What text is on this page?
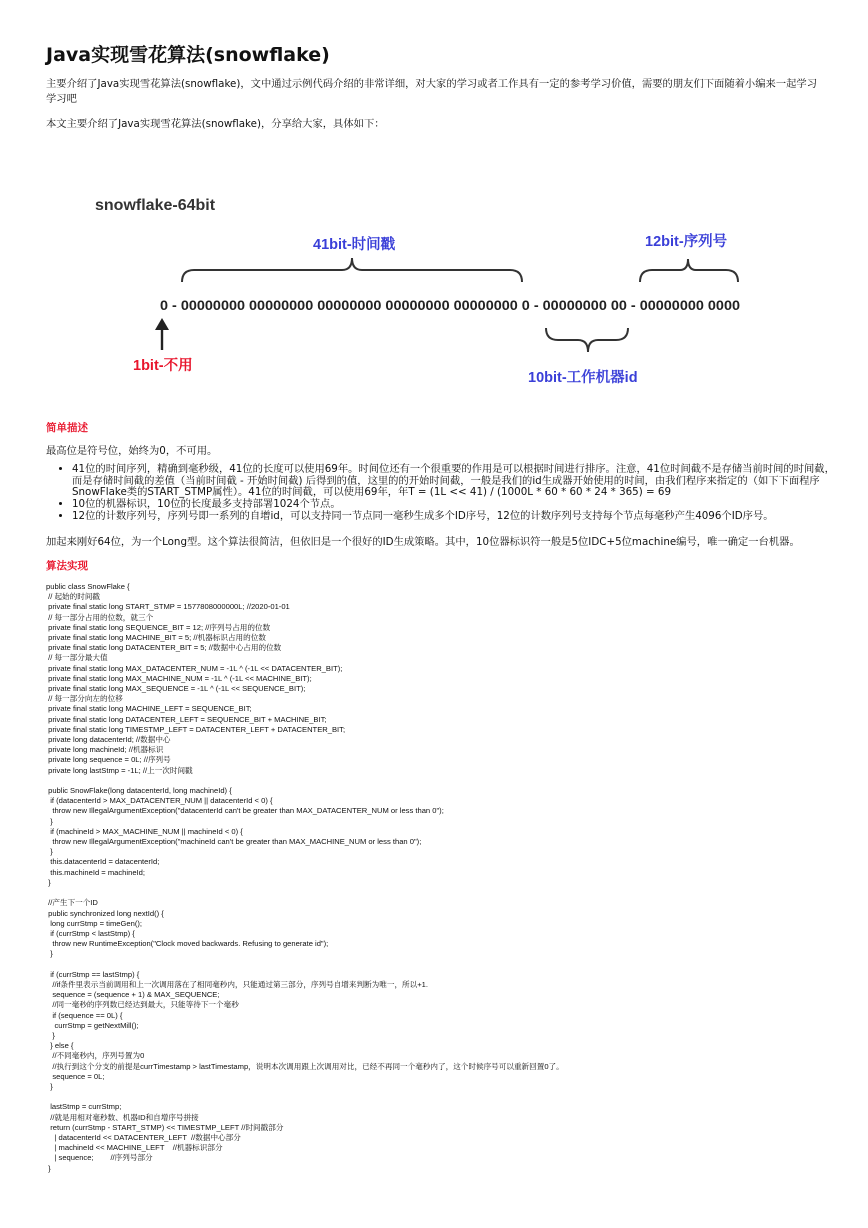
Java实现雪花算法(snowflake)

主要介绍了Java实现雪花算法(snowflake)，文中通过示例代码介绍的非常详细，对大家的学习或者工作具有一定的参考学习价值，需要的朋友们下面随着小编来一起学习学习吧

本文主要介绍了Java实现雪花算法(snowflake)，分享给大家，具体如下：

简单描述

最高位是符号位，始终为0，不可用。

• 41位的时间序列，精确到毫秒级，41位的长度可以使用69年。时间位还有一个很重要的作用是可以根据时间进行排序。注意，41位时间截不是存储当前时间的时间截，而是存储时间截的差值（当前时间截 - 开始时间截) 后得到的值，这里的的开始时间截，一般是我们的id生成器开始使用的时间，由我们程序来指定的（如下下面程序SnowFlake类的START_STMP属性）。41位的时间截，可以使用69年，年T = (1L << 41) / (1000L * 60 * 60 * 24 * 365) = 69
• 10位的机器标识，10位的长度最多支持部署1024个节点。
• 12位的计数序列号，序列号即一系列的自增id，可以支持同一节点同一毫秒生成多个ID序号，12位的计数序列号支持每个节点每毫秒产生4096个ID序号。

加起来刚好64位，为一个Long型。这个算法很简洁，但依旧是一个很好的ID生成策略。其中，10位器标识符一般是5位IDC+5位machine编号，唯一确定一台机器。

算法实现
public class SnowFlake {
// 起始的时间戳
private final static long START_STMP = 1577808000000L; //2020-01-01
// 每一部分占用的位数，就三个
private final static long SEQUENCE_BIT = 12; //序列号占用的位数
private final static long MACHINE_BIT = 5; //机器标识占用的位数
private final static long DATACENTER_BIT = 5; //数据中心占用的位数
// 每一部分最大值
private final static long MAX_DATACENTER_NUM = -1L ^ (-1L << DATACENTER_BIT);
private final static long MAX_MACHINE_NUM = -1L ^ (-1L << MACHINE_BIT);
private final static long MAX_SEQUENCE = -1L ^ (-1L << SEQUENCE_BIT);
// 每一部分向左的位移
private final static long MACHINE_LEFT = SEQUENCE_BIT;
private final static long DATACENTER_LEFT = SEQUENCE_BIT + MACHINE_BIT;
private final static long TIMESTMP_LEFT = DATACENTER_LEFT + DATACENTER_BIT;
private long datacenterId; //数据中心
private long machineId; //机器标识
private long sequence = 0L; //序列号
private long lastStmp = -1L; //上一次时间戳

public SnowFlake(long datacenterId, long machineId) {
if (datacenterId > MAX_DATACENTER_NUM || datacenterId < 0) {
throw new IllegalArgumentException("datacenterId can't be greater than MAX_DATACENTER_NUM or less than 0");
}
if (machineId > MAX_MACHINE_NUM || machineId < 0) {
throw new IllegalArgumentException("machineId can't be greater than MAX_MACHINE_NUM or less than 0");
}
this.datacenterId = datacenterId;
this.machineId = machineId;
}

//产生下一个ID
public synchronized long nextId() {
long currStmp = timeGen();
if (currStmp < lastStmp) {
throw new RuntimeException("Clock moved backwards. Refusing to generate id");
}

if (currStmp == lastStmp) {
//if条件里表示当前调用和上一次调用落在了相同毫秒内，只能通过第三部分，序列号自增来判断为唯一，所以+1.
sequence = (sequence + 1) & MAX_SEQUENCE;
//同一毫秒的序列数已经达到最大，只能等待下一个毫秒
if (sequence == 0L) {
currStmp = getNextMill();
}
} else {
//不同毫秒内，序列号置为0
//执行到这个分支的前提是currTimestamp > lastTimestamp，说明本次调用跟上次调用对比，已经不再同一个毫秒内了，这个时候序号可以重新回置0了。
sequence = 0L;
}

lastStmp = currStmp;
//就是用相对毫秒数、机器ID和自增序号拼接
return (currStmp - START_STMP) << TIMESTMP_LEFT //时间戳部分
| datacenterId << DATACENTER_LEFT  //数据中心部分
| machineId << MACHINE_LEFT    //机器标识部分
| sequence;        //序列号部分
}
snowflake-64bit
41bit-时间戳	12bit-序列号
0 - 00000000 00000000 00000000 00000000 00000000 0 - 00000000 00 - 00000000 0000
1bit-不用
10bit-工作机器id
